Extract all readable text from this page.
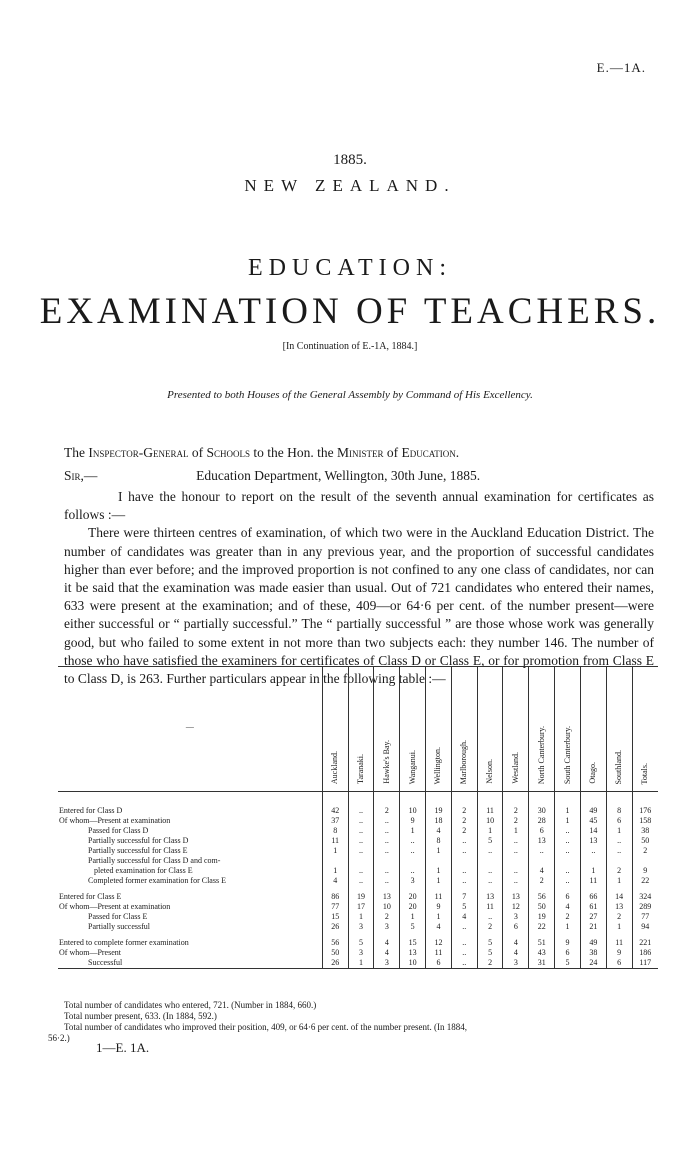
E.—1A.
1885.
NEW ZEALAND.
EDUCATION:
EXAMINATION OF TEACHERS.
[In Continuation of E.-1A, 1884.]
Presented to both Houses of the General Assembly by Command of His Excellency.
The Inspector-General of Schools to the Hon. the Minister of Education.
Sir,—	Education Department, Wellington, 30th June, 1885.

I have the honour to report on the result of the seventh annual examination for certificates as follows :—

There were thirteen centres of examination, of which two were in the Auckland Education District. The number of candidates was greater than in any previous year, and the proportion of successful candidates higher than ever before; and the improved proportion is not confined to any one class of candidates, nor can it be said that the examination was made easier than usual. Out of 721 candidates who entered their names, 633 were present at the examination; and of these, 409—or 64·6 per cent. of the number present—were either successful or “ partially successful.” The “ partially successful ” are those whose work was generally good, but who failed to some extent in not more than two subjects each: they number 146. The number of those who have satisfied the examiners for certificates of Class D or Class E, or for promotion from Class E to Class D, is 263. Further particulars appear in the following table :—

—	Auckland.	Taranaki.	Hawke's Bay.	Wanganui.	Wellington.	Marlborough.	Nelson.	Westland.	North Canterbury.	South Canterbury.	Otago.	Southland.	Totals.
Entered for Class D	42	..	2	10	19	2	11	2	30	1	49	8	176
Of whom—Present at examination	37	..	..	9	18	2	10	2	28	1	45	6	158
Passed for Class D	8	..	..	1	4	2	1	1	6	..	14	1	38
Partially successful for Class D	11	..	..	..	8	..	5	..	13	..	13	..	50
Partially successful for Class E	1	..	..	..	1	..	..	..	..	..	..	..	2
Partially successful for Class D and com-													
pleted examination for Class E	1	..	..	..	1	..	..	..	4	..	1	2	9
Completed former examination for Class E	4	..	..	3	1	..	..	..	2	..	11	1	22

Entered for Class E	86	19	13	20	11	7	13	13	56	6	66	14	324
Of whom—Present at examination	77	17	10	20	9	5	11	12	50	4	61	13	289
Passed for Class E	15	1	2	1	1	4	..	3	19	2	27	2	77
Partially successful	26	3	3	5	4	..	2	6	22	1	21	1	94

Entered to complete former examination	56	5	4	15	12	..	5	4	51	9	49	11	221
Of whom—Present	50	3	4	13	11	..	5	4	43	6	38	9	186
Successful	26	1	3	10	6	..	2	3	31	5	24	6	117
Total number of candidates who entered, 721. (Number in 1884, 660.)
Total number present, 633. (In 1884, 592.)
Total number of candidates who improved their position, 409, or 64·6 per cent. of the number present. (In 1884,
56·2.)
1—E. 1A.
